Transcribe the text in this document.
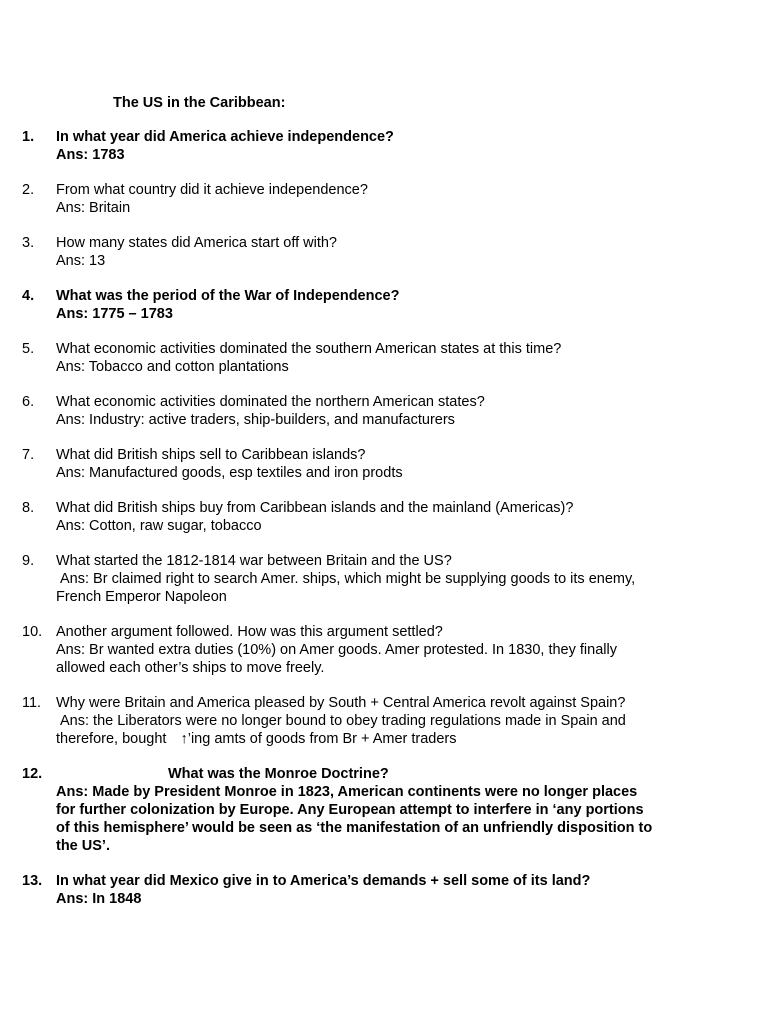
The US in the Caribbean:
1. In what year did America achieve independence?
Ans: 1783
2. From what country did it achieve independence?
Ans: Britain
3. How many states did America start off with?
Ans: 13
4. What was the period of the War of Independence?
Ans: 1775 – 1783
5. What economic activities dominated the southern American states at this time?
Ans: Tobacco and cotton plantations
6. What economic activities dominated the northern American states?
Ans: Industry: active traders, ship-builders, and manufacturers
7. What did British ships sell to Caribbean islands?
Ans: Manufactured goods, esp textiles and iron prodts
8. What did British ships buy from Caribbean islands and the mainland (Americas)?
Ans: Cotton, raw sugar, tobacco
9. What started the 1812-1814 war between Britain and the US?
Ans: Br claimed right to search Amer. ships, which might be supplying goods to its enemy, French Emperor Napoleon
10. Another argument followed. How was this argument settled?
Ans: Br wanted extra duties (10%) on Amer goods. Amer protested. In 1830, they finally allowed each other’s ships to move freely.
11. Why were Britain and America pleased by South + Central America revolt against Spain?
Ans: the Liberators were no longer bound to obey trading regulations made in Spain and therefore, bought ↑’ing amts of goods from Br + Amer traders
12.	What was the Monroe Doctrine?
Ans: Made by President Monroe in 1823, American continents were no longer places for further colonization by Europe. Any European attempt to interfere in ‘any portions of this hemisphere’ would be seen as ‘the manifestation of an unfriendly disposition to the US’.
13. In what year did Mexico give in to America’s demands + sell some of its land?
Ans: In 1848
